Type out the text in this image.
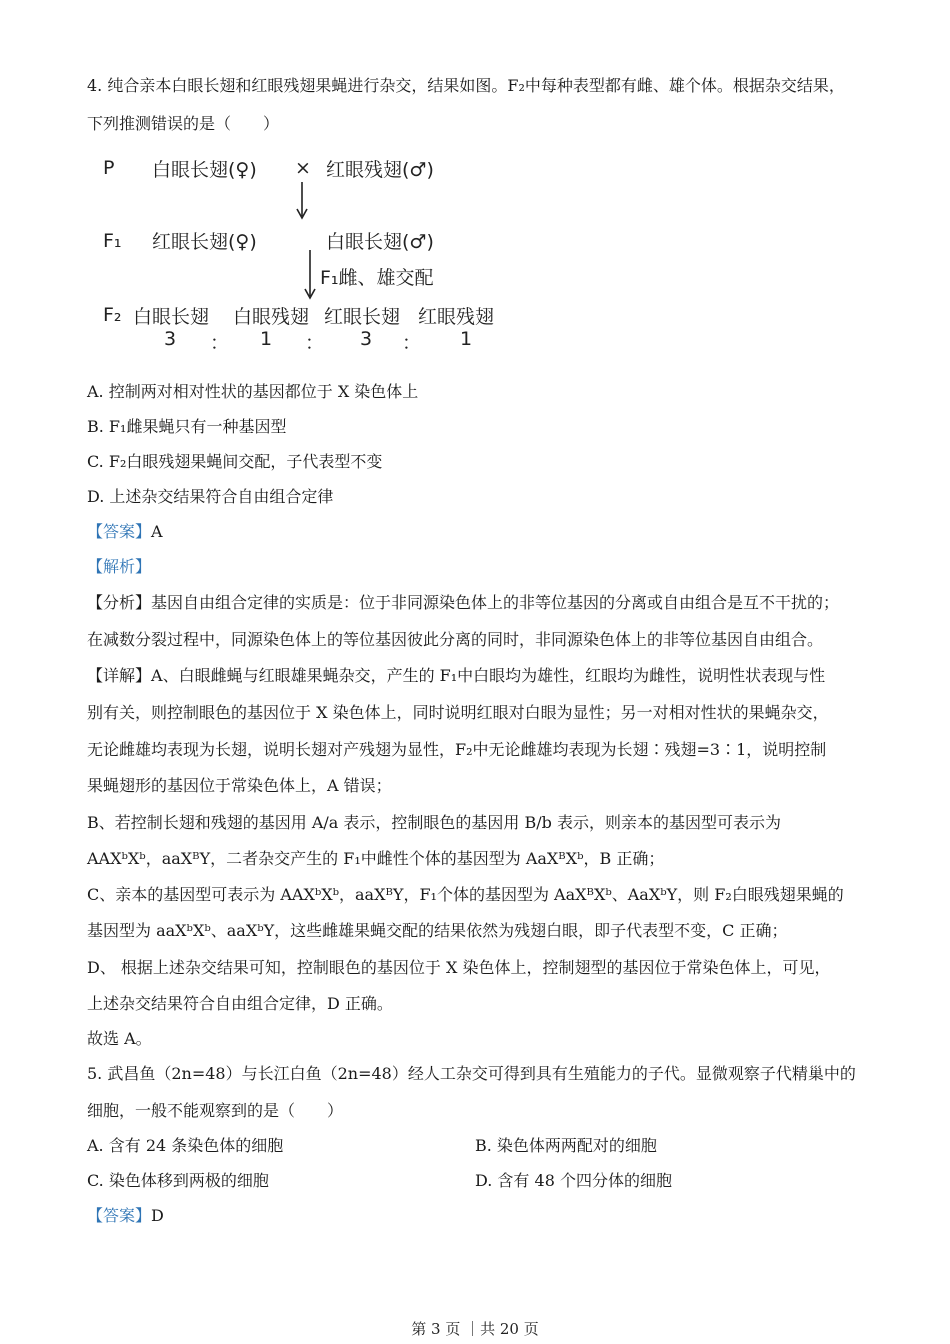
4. 纯合亲本白眼长翅和红眼残翅果蝇进行杂交，结果如图。F₂中每种表型都有雌、雄个体。根据杂交结果，
下列推测错误的是（　　）
P 白眼长翅(♀) × 红眼残翅(♂)
F₁ 红眼长翅(♀)	白眼长翅(♂)
F₁雌、雄交配
F₂ 白眼长翅 白眼残翅 红眼长翅 红眼残翅
3 ： 1 ： 3 ： 1
A. 控制两对相对性状的基因都位于 X 染色体上
B. F₁雌果蝇只有一种基因型
C. F₂白眼残翅果蝇间交配，子代表型不变
D. 上述杂交结果符合自由组合定律
【答案】A
【解析】
【分析】基因自由组合定律的实质是：位于非同源染色体上的非等位基因的分离或自由组合是互不干扰的；
在减数分裂过程中，同源染色体上的等位基因彼此分离的同时，非同源染色体上的非等位基因自由组合。
【详解】A、白眼雌蝇与红眼雄果蝇杂交，产生的 F₁中白眼均为雄性，红眼均为雌性，说明性状表现与性
别有关，则控制眼色的基因位于 X 染色体上，同时说明红眼对白眼为显性；另一对相对性状的果蝇杂交，
无论雌雄均表现为长翅，说明长翅对产残翅为显性，F₂中无论雌雄均表现为长翅∶残翅=3∶1，说明控制
果蝇翅形的基因位于常染色体上，A 错误；
B、若控制长翅和残翅的基因用 A/a 表示，控制眼色的基因用 B/b 表示，则亲本的基因型可表示为
AAXᵇXᵇ，aaXᴮY，二者杂交产生的 F₁中雌性个体的基因型为 AaXᴮXᵇ，B 正确；
C、亲本的基因型可表示为 AAXᵇXᵇ，aaXᴮY，F₁个体的基因型为 AaXᴮXᵇ、AaXᵇY，则 F₂白眼残翅果蝇的
基因型为 aaXᵇXᵇ、aaXᵇY，这些雌雄果蝇交配的结果依然为残翅白眼，即子代表型不变，C 正确；
D、 根据上述杂交结果可知，控制眼色的基因位于 X 染色体上，控制翅型的基因位于常染色体上，可见，
上述杂交结果符合自由组合定律，D 正确。
故选 A。
5. 武昌鱼（2n=48）与长江白鱼（2n=48）经人工杂交可得到具有生殖能力的子代。显微观察子代精巢中的
细胞，一般不能观察到的是（　　）
A. 含有 24 条染色体的细胞	B. 染色体两两配对的细胞
C. 染色体移到两极的细胞	D. 含有 48 个四分体的细胞
【答案】D
第 3 页 ｜共 20 页
